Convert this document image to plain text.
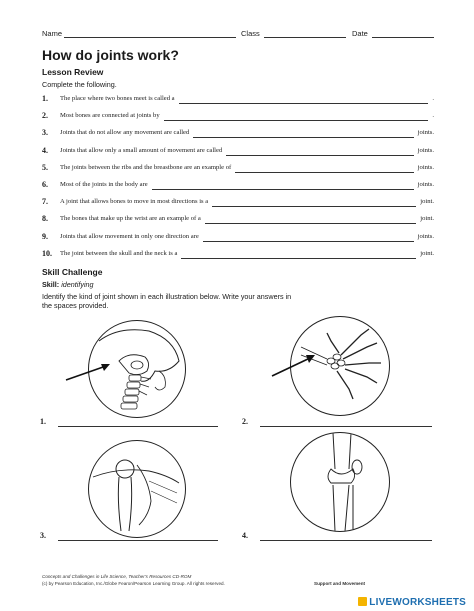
Name	Class	Date
How do joints work?
Lesson Review
Complete the following.
1. The place where two bones meet is called a	.
2. Most bones are connected at joints by	.
3. Joints that do not allow any movement are called	joints.
4. Joints that allow only a small amount of movement are called	joints.
5. The joints between the ribs and the breastbone are an example of	joints.
6. Most of the joints in the body are	joints.
7. A joint that allows bones to move in most directions is a	joint.
8. The bones that make up the wrist are an example of a	joint.
9. Joints that allow movement in only one direction are	joints.
10. The joint between the skull and the neck is a	joint.
Skill Challenge
Skill: identifying
Identify the kind of joint shown in each illustration below. Write your answers in
the spaces provided.
1.	2.
3.	4.
Concepts and Challenges in Life Science, Teacher's Resources CD-ROM
(c) by Pearson Education, Inc./Globe Fearon/Pearson Learning Group. All rights reserved.	Support and Movement
LIVEWORKSHEETS
